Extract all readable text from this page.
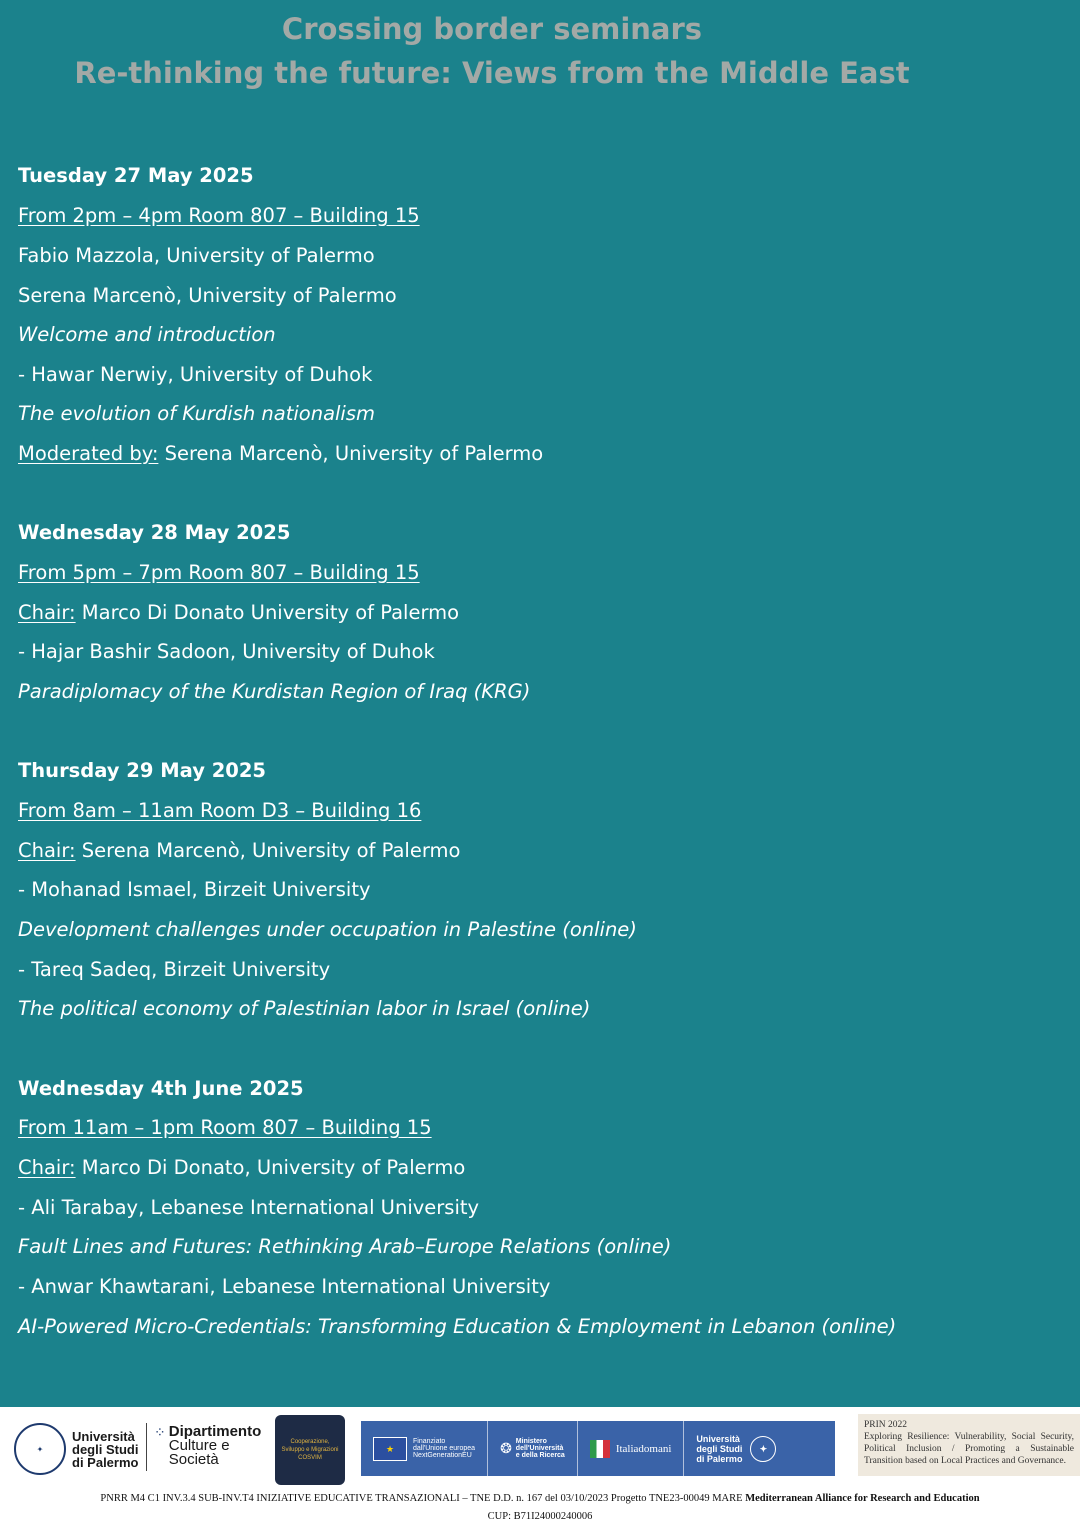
Crossing border seminars
Re-thinking the future: Views from the Middle East
Tuesday 27 May 2025
From 2pm – 4pm Room 807 – Building 15
Fabio Mazzola, University of Palermo
Serena Marcenò, University of Palermo
Welcome and introduction
- Hawar Nerwiy, University of Duhok
The evolution of Kurdish nationalism
Moderated by: Serena Marcenò, University of Palermo
Wednesday 28 May 2025
From 5pm – 7pm Room 807 – Building 15
Chair: Marco Di Donato University of Palermo
- Hajar Bashir Sadoon, University of Duhok
Paradiplomacy of the Kurdistan Region of Iraq (KRG)
Thursday 29 May 2025
From 8am – 11am Room D3 – Building 16
Chair: Serena Marcenò, University of Palermo
- Mohanad Ismael, Birzeit University
Development challenges under occupation in Palestine (online)
- Tareq Sadeq, Birzeit University
The political economy of Palestinian labor in Israel (online)
Wednesday 4th June 2025
From 11am – 1pm Room 807 – Building 15
Chair: Marco Di Donato, University of Palermo
- Ali Tarabay, Lebanese International University
Fault Lines and Futures: Rethinking Arab–Europe Relations (online)
- Anwar Khawtarani, Lebanese International University
AI-Powered Micro-Credentials: Transforming Education & Employment in Lebanon (online)
✦
Università
degli Studi
di Palermo
⁘ Dipartimento
Culture e
Società
Cooperazione,
Sviluppo e Migrazioni
COSVIM
★
Finanziato
dall'Unione europea
NextGenerationEU ❂ Ministero
dell'Università
e della Ricerca
Italiadomani
Università
degli Studi
di Palermo
✦
PRIN 2022
Exploring Resilience: Vulnerability, Social Security, Political Inclusion / Promoting a Sustainable Transition based on Local Practices and Governance.
PNRR M4 C1 INV.3.4 SUB-INV.T4 INIZIATIVE EDUCATIVE TRANSAZIONALI – TNE D.D. n. 167 del 03/10/2023 Progetto TNE23-00049 MARE Mediterranean Alliance for Research and Education
CUP: B71I24000240006
